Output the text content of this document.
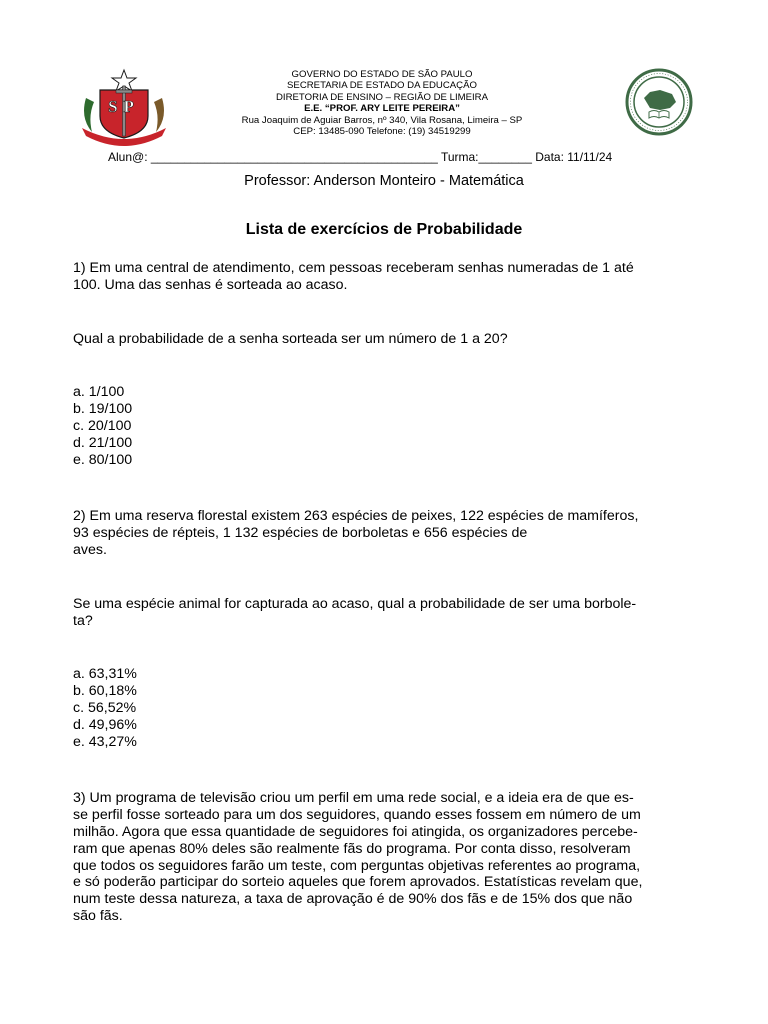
SP
GOVERNO DO ESTADO DE SÃO PAULO
SECRETARIA DE ESTADO DA EDUCAÇÃO
DIRETORIA DE ENSINO – REGIÃO DE LIMEIRA
E.E. “PROF. ARY LEITE PEREIRA”
Rua Joaquim de Aguiar Barros, nº 340, Vila Rosana, Limeira – SP
CEP: 13485-090 Telefone: (19) 34519299
Alun@: ___________________________________________ Turma:________ Data: 11/11/24
Professor: Anderson Monteiro - Matemática
Lista de exercícios de Probabilidade

1) Em uma central de atendimento, cem pessoas receberam senhas numeradas de 1 até

100. Uma das senhas é sorteada ao acaso.

Qual a probabilidade de a senha sorteada ser um número de 1 a 20?

a. 1/100
b. 19/100
c. 20/100
d. 21/100
e. 80/100

2) Em uma reserva florestal existem 263 espécies de peixes, 122 espécies de mamíferos,

93 espécies de répteis, 1 132 espécies de borboletas e 656 espécies de

aves.

Se uma espécie animal for capturada ao acaso, qual a probabilidade de ser uma borbole-

ta?

a. 63,31%
b. 60,18%
c. 56,52%
d. 49,96%
e. 43,27%

3) Um programa de televisão criou um perfil em uma rede social, e a ideia era de que es-

se perfil fosse sorteado para um dos seguidores, quando esses fossem em número de um

milhão. Agora que essa quantidade de seguidores foi atingida, os organizadores percebe-

ram que apenas 80% deles são realmente fãs do programa. Por conta disso, resolveram

que todos os seguidores farão um teste, com perguntas objetivas referentes ao programa,

e só poderão participar do sorteio aqueles que forem aprovados. Estatísticas revelam que,

num teste dessa natureza, a taxa de aprovação é de 90% dos fãs e de 15% dos que não

são fãs.
